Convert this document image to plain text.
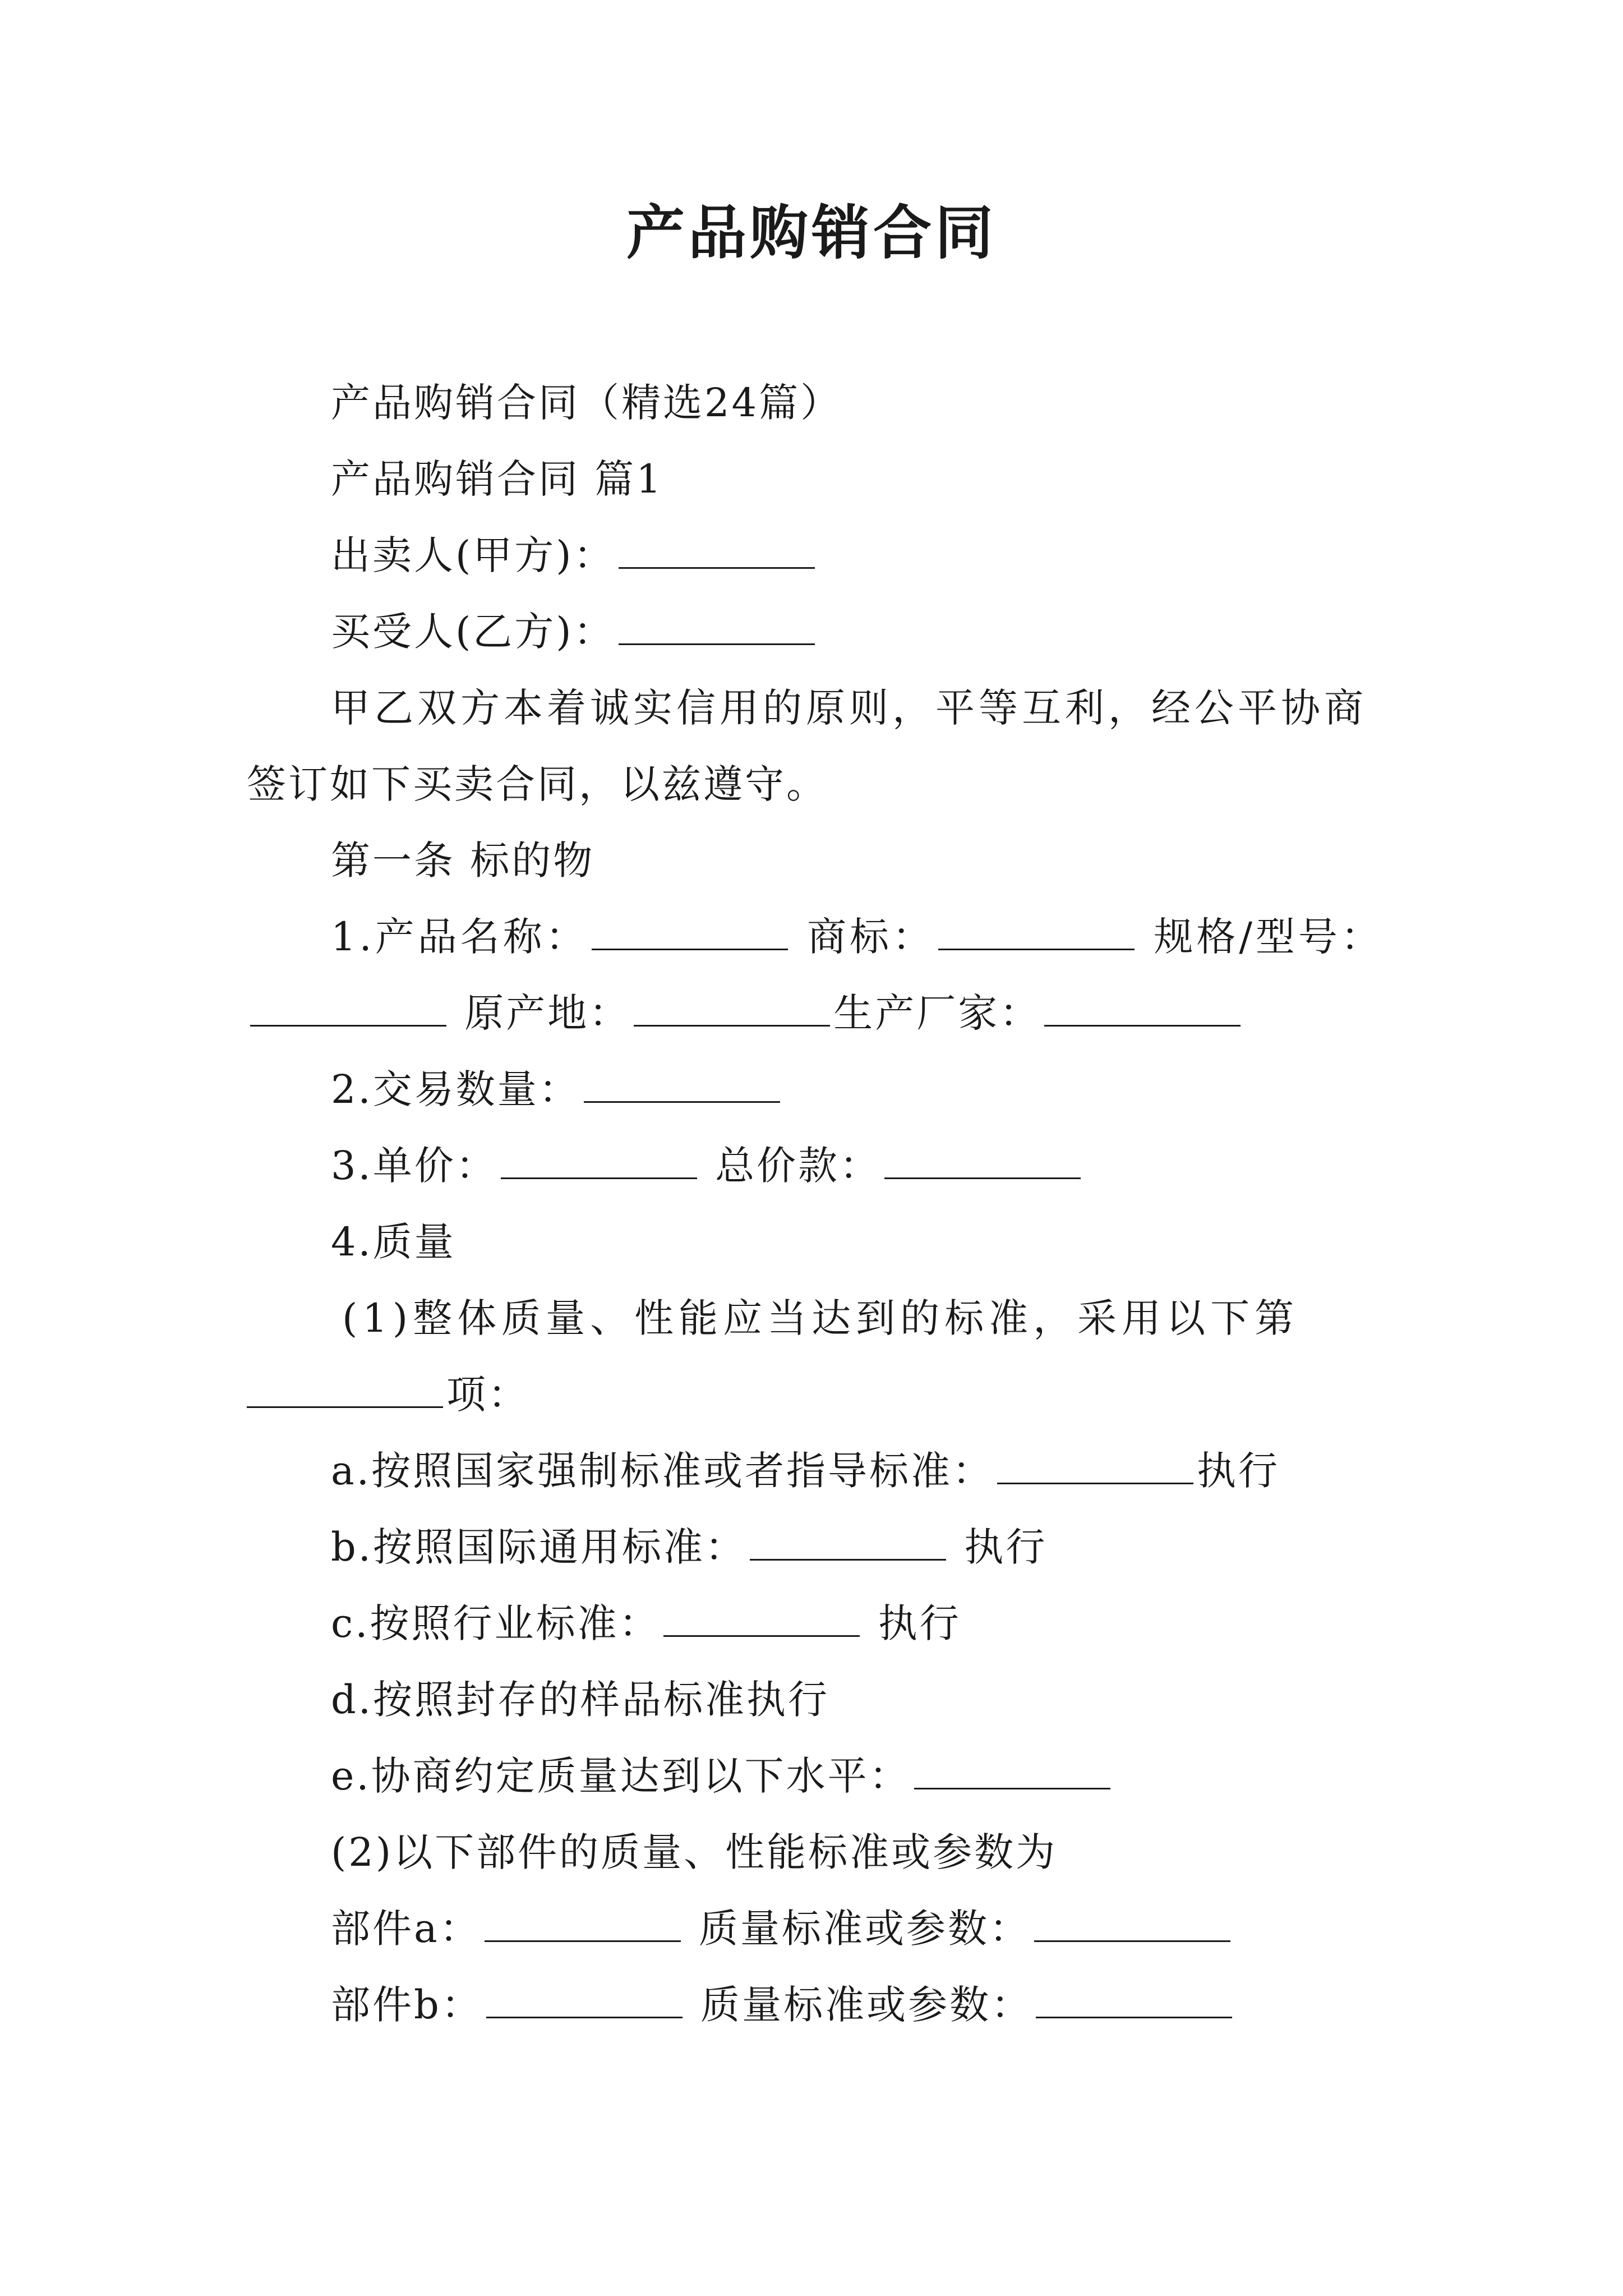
产品购销合同
产品购销合同（精选24篇）
产品购销合同 篇1
出卖人(甲方)：
买受人(乙方)：
甲乙双方本着诚实信用的原则，平等互利，经公平协商
签订如下买卖合同，以兹遵守。
第一条 标的物
1.产品名称：	商标：	规格/型号：
原产地：	生产厂家：
2.交易数量：
3.单价：	总价款：
4.质量
(1)整体质量、性能应当达到的标准，采用以下第
项：
a.按照国家强制标准或者指导标准：	执行
b.按照国际通用标准：	执行
c.按照行业标准：	执行
d.按照封存的样品标准执行
e.协商约定质量达到以下水平：
(2)以下部件的质量、性能标准或参数为
部件a：	质量标准或参数：
部件b：	质量标准或参数：
